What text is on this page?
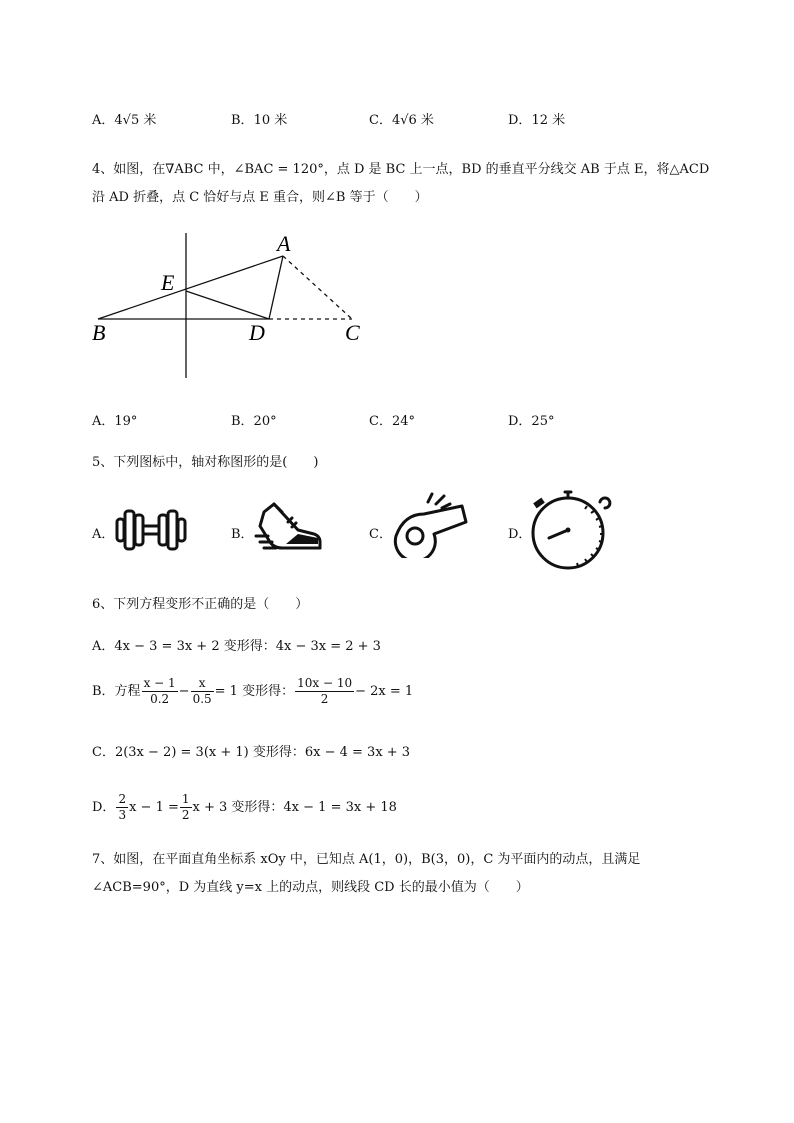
A．4√5 米	B．10 米	C．4√6 米	D．12 米
4、如图，在∇ABC 中，∠BAC = 120°，点 D 是 BC 上一点，BD 的垂直平分线交 AB 于点 E，将△ACD
沿 AD 折叠，点 C 恰好与点 E 重合，则∠B 等于（　　）
A
E
B	D	C
A．19°	B．20°	C．24°	D．25°
5、下列图标中，轴对称图形的是(　　)
A．	B．	C．	D．
6、下列方程变形不正确的是（　　）
A．4x − 3 = 3x + 2 变形得：4x − 3x = 2 + 3
B．方程 $\frac{x - 1}{0.2} - \frac{x}{0.5} = 1$ 变形得： $\frac{10x - 10}{2} - 2x = 1$
C．2(3x − 2) = 3(x + 1) 变形得：6x − 4 = 3x + 3
D． $\frac{2}{3}$ $x - 1 = \frac{1}{2}$ x + 3 变形得：4x − 1 = 3x + 18
7、如图，在平面直角坐标系 xOy 中，已知点 A(1，0)，B(3，0)，C 为平面内的动点，且满足
∠ACB=90°，D 为直线 y=x 上的动点，则线段 CD 长的最小值为（　　）
